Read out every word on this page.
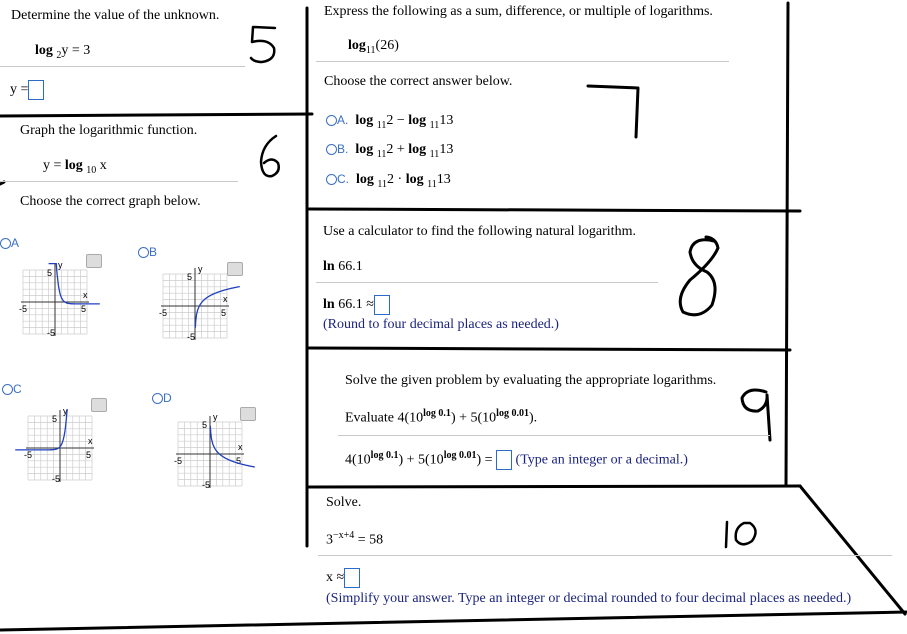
Determine the value of the unknown.
log $_2$y = 3
y =
Graph the logarithmic function.
y = log $_{10}$ x
Choose the correct graph below.
A
B
C
D
y
x
5
-5
5
-5
y
x
5
-5
5
-5
y
x
5
-5
5
-5
y
x
5
-5
5
-5
Express the following as a sum, difference, or multiple of logarithms.
$\log_{11}(26)$
Choose the correct answer below.
A. log $_{11}$2 − log $_{11}$13
B. log $_{11}$2 + log $_{11}$13
C. log $_{11}$2 · log $_{11}$13
Use a calculator to find the following natural logarithm.
ln 66.1
ln 66.1 ≈
(Round to four decimal places as needed.)
Solve the given problem by evaluating the appropriate logarithms.
Evaluate $4(10^{log 0.1}) + 5(10^{log 0.01})$.
$4(10^{log 0.1}) + 5(10^{log 0.01})$ = (Type an integer or a decimal.)
Solve.
$3^{-x+4} = 58$
x ≈
(Simplify your answer. Type an integer or decimal rounded to four decimal places as needed.)
